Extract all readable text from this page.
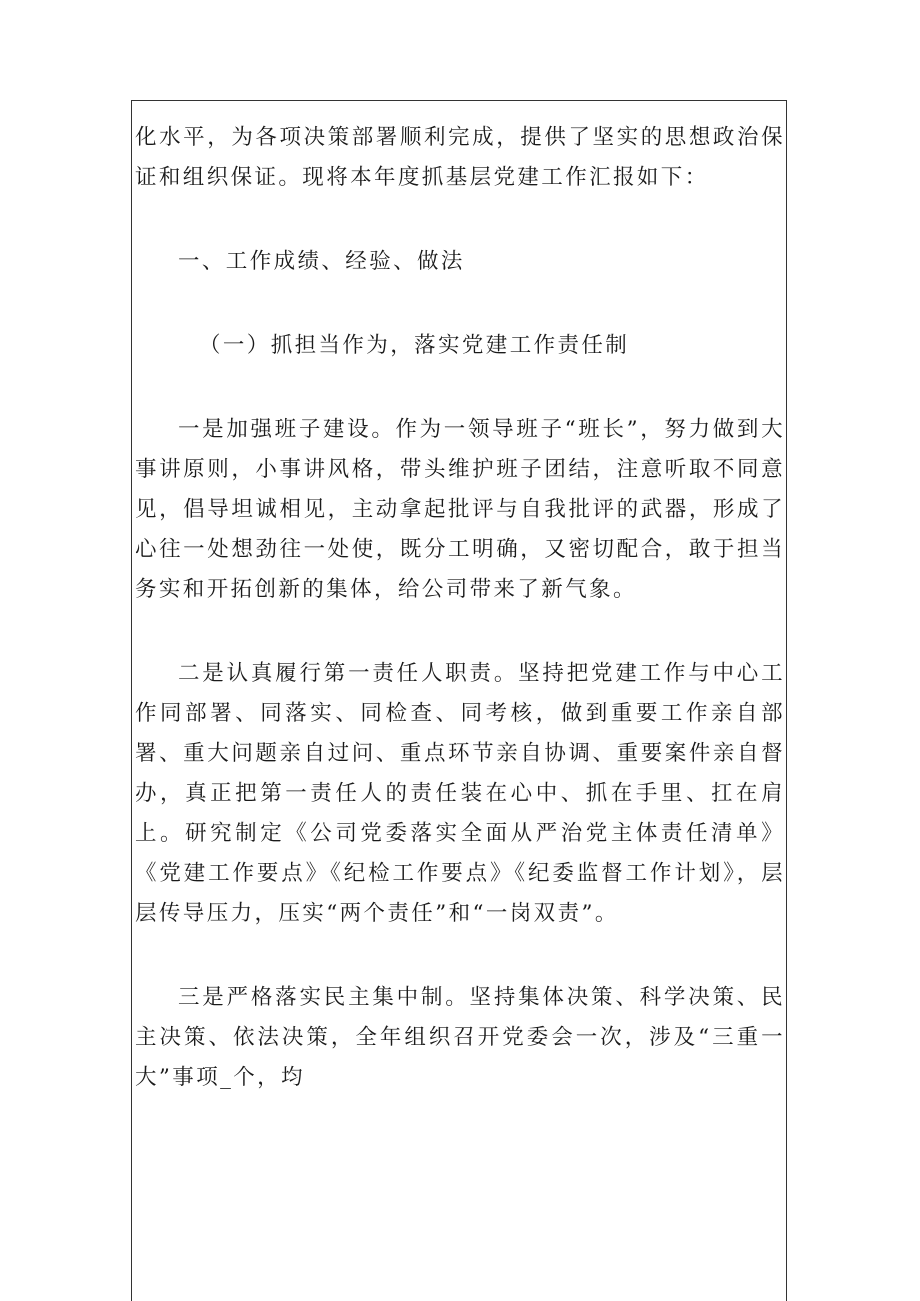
化水平，为各项决策部署顺利完成，提供了坚实的思想政治保证和组织保证。现将本年度抓基层党建工作汇报如下：

一、工作成绩、经验、做法

（一）抓担当作为，落实党建工作责任制

一是加强班子建设。作为一领导班子“班长”，努力做到大事讲原则，小事讲风格，带头维护班子团结，注意听取不同意见，倡导坦诚相见，主动拿起批评与自我批评的武器，形成了心往一处想劲往一处使，既分工明确，又密切配合，敢于担当务实和开拓创新的集体，给公司带来了新气象。

二是认真履行第一责任人职责。坚持把党建工作与中心工作同部署、同落实、同检查、同考核，做到重要工作亲自部署、重大问题亲自过问、重点环节亲自协调、重要案件亲自督办，真正把第一责任人的责任装在心中、抓在手里、扛在肩上。研究制定《公司党委落实全面从严治党主体责任清单》《党建工作要点》《纪检工作要点》《纪委监督工作计划》，层层传导压力，压实“两个责任”和“一岗双责”。

三是严格落实民主集中制。坚持集体决策、科学决策、民主决策、依法决策，全年组织召开党委会一次，涉及“三重一大”事项_个，均
